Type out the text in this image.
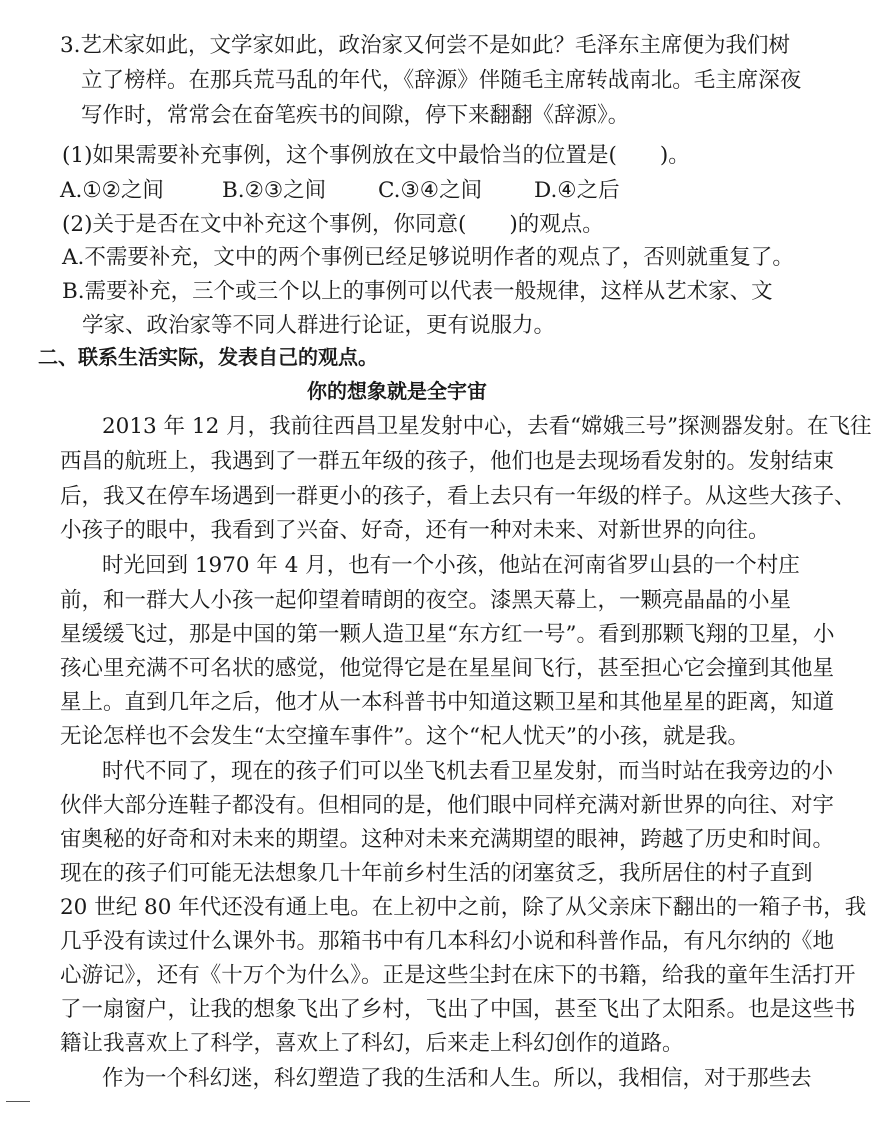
3.艺术家如此，文学家如此，政治家又何尝不是如此？毛泽东主席便为我们树
立了榜样。在那兵荒马乱的年代，《辞源》伴随毛主席转战南北。毛主席深夜
写作时，常常会在奋笔疾书的间隙，停下来翻翻《辞源》。
(1)如果需要补充事例，这个事例放在文中最恰当的位置是(　　)。
A.①②之间	B.②③之间 C.③④之间 D.④之后
(2)关于是否在文中补充这个事例，你同意(　　)的观点。
A.不需要补充，文中的两个事例已经足够说明作者的观点了，否则就重复了。
B.需要补充，三个或三个以上的事例可以代表一般规律，这样从艺术家、文
学家、政治家等不同人群进行论证，更有说服力。
二、联系生活实际，发表自己的观点。
你的想象就是全宇宙
2013 年 12 月，我前往西昌卫星发射中心，去看“嫦娥三号”探测器发射。在飞往
西昌的航班上，我遇到了一群五年级的孩子，他们也是去现场看发射的。发射结束
后，我又在停车场遇到一群更小的孩子，看上去只有一年级的样子。从这些大孩子、
小孩子的眼中，我看到了兴奋、好奇，还有一种对未来、对新世界的向往。
时光回到 1970 年 4 月，也有一个小孩，他站在河南省罗山县的一个村庄
前，和一群大人小孩一起仰望着晴朗的夜空。漆黑天幕上，一颗亮晶晶的小星
星缓缓飞过，那是中国的第一颗人造卫星“东方红一号”。看到那颗飞翔的卫星，小
孩心里充满不可名状的感觉，他觉得它是在星星间飞行，甚至担心它会撞到其他星
星上。直到几年之后，他才从一本科普书中知道这颗卫星和其他星星的距离，知道
无论怎样也不会发生“太空撞车事件”。这个“杞人忧天”的小孩，就是我。
时代不同了，现在的孩子们可以坐飞机去看卫星发射，而当时站在我旁边的小
伙伴大部分连鞋子都没有。但相同的是，他们眼中同样充满对新世界的向往、对宇
宙奥秘的好奇和对未来的期望。这种对未来充满期望的眼神，跨越了历史和时间。
现在的孩子们可能无法想象几十年前乡村生活的闭塞贫乏，我所居住的村子直到
20 世纪 80 年代还没有通上电。在上初中之前，除了从父亲床下翻出的一箱子书，我
几乎没有读过什么课外书。那箱书中有几本科幻小说和科普作品，有凡尔纳的《地
心游记》，还有《十万个为什么》。正是这些尘封在床下的书籍，给我的童年生活打开
了一扇窗户，让我的想象飞出了乡村，飞出了中国，甚至飞出了太阳系。也是这些书
籍让我喜欢上了科学，喜欢上了科幻，后来走上科幻创作的道路。
作为一个科幻迷，科幻塑造了我的生活和人生。所以，我相信，对于那些去
